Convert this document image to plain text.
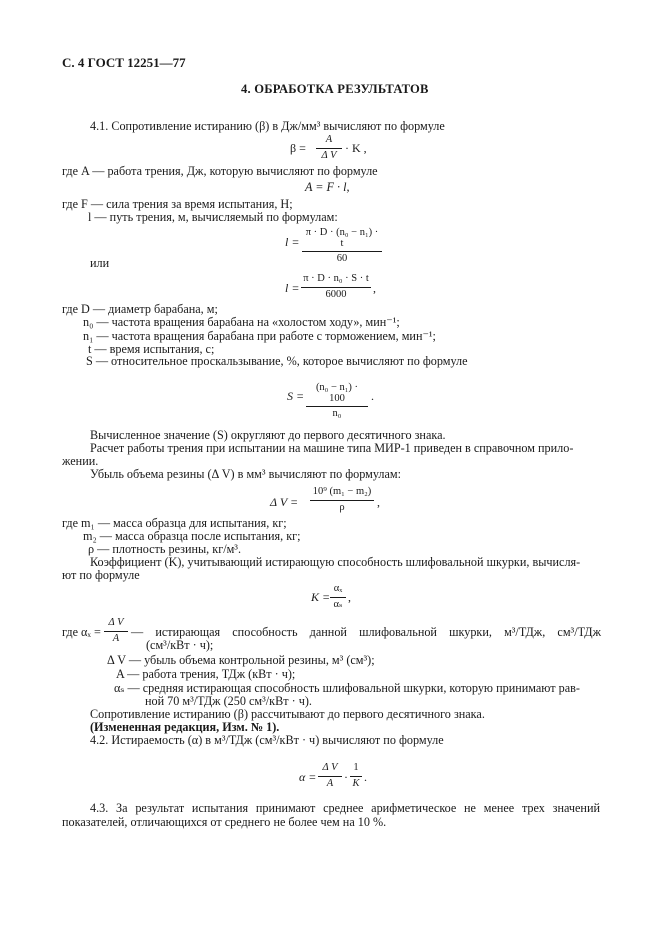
С. 4 ГОСТ 12251—77
4. ОБРАБОТКА РЕЗУЛЬТАТОВ
4.1. Сопротивление истиранию (β) в Дж/мм³ вычисляют по формуле
$\beta = \frac{A}{\text{Δ V}} \cdot K$ ,
где A — работа трения, Дж, которую вычисляют по формуле
A = F · l,
где F — сила трения за время испытания, Н;
l — путь трения, м, вычисляемый по формулам:
$l = \frac{\text{π · D · (n₀ − n₁) · t}}{60}$
или
$l = \frac{\text{π · D · n₀ · S · t}}{6000}$ ,
где D — диаметр барабана, м;
n₀ — частота вращения барабана на «холостом ходу», мин⁻¹;
n₁ — частота вращения барабана при работе с торможением, мин⁻¹;
t — время испытания, с;
S — относительное проскальзывание, %, которое вычисляют по формуле
$S = \frac{\text{(n₀ − n₁) · 100}}{\text{n₀}}$ .
Вычисленное значение (S) округляют до первого десятичного знака.
Расчет работы трения при испытании на машине типа МИР-1 приведен в справочном прило-
жении.
Убыль объема резины (Δ V) в мм³ вычисляют по формулам:
Δ $V = \frac{\text{10⁹ (m₁ − m₂)}}{\rho}$ ,
где m₁ — масса образца для испытания, кг;
m₂ — масса образца после испытания, кг;
ρ — плотность резины, кг/м³.
Коэффициент (K), учитывающий истирающую способность шлифовальной шкурки, вычисля-
ют по формуле
$K = \frac{\text{αₓ}}{\text{αₛ}}$ ,
где $\alpha_x = \frac{\text{Δ V}}{A}$ — истирающая способность данной шлифовальной шкурки, м³/ТДж, см³/ТДж
(см³/кВт · ч);
Δ V — убыль объема контрольной резины, м³ (см³);
A — работа трения, ТДж (кВт · ч);
αₛ — средняя истирающая способность шлифовальной шкурки, которую принимают рав-
ной 70 м³/ТДж (250 см³/кВт · ч).
Сопротивление истиранию (β) рассчитывают до первого десятичного знака.
(Измененная редакция, Изм. № 1).
4.2. Истираемость (α) в м³/ТДж (см³/кВт · ч) вычисляют по формуле
$\alpha = \frac{\text{Δ V}}{A} \cdot \frac{1}{K}$ .
4.3. За результат испытания принимают среднее арифметическое не менее трех значений
показателей, отличающихся от среднего не более чем на 10 %.
